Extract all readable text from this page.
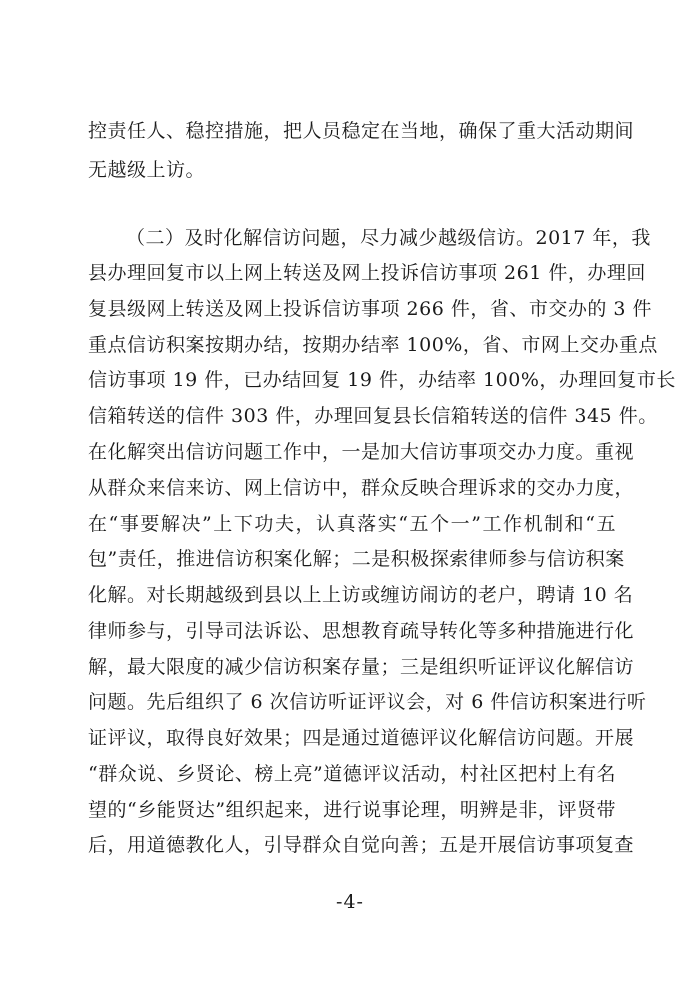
控责任人、稳控措施，把人员稳定在当地，确保了重大活动期间
无越级上访。
（二）及时化解信访问题，尽力减少越级信访。2017 年，我
县办理回复市以上网上转送及网上投诉信访事项 261 件，办理回
复县级网上转送及网上投诉信访事项 266 件，省、市交办的 3 件
重点信访积案按期办结，按期办结率 100%，省、市网上交办重点
信访事项 19 件，已办结回复 19 件，办结率 100%，办理回复市长
信箱转送的信件 303 件，办理回复县长信箱转送的信件 345 件。
在化解突出信访问题工作中，一是加大信访事项交办力度。重视
从群众来信来访、网上信访中，群众反映合理诉求的交办力度，
在“事要解决”上下功夫，认真落实“五个一”工作机制和“五
包”责任，推进信访积案化解；二是积极探索律师参与信访积案
化解。对长期越级到县以上上访或缠访闹访的老户，聘请 10 名
律师参与，引导司法诉讼、思想教育疏导转化等多种措施进行化
解，最大限度的减少信访积案存量；三是组织听证评议化解信访
问题。先后组织了 6 次信访听证评议会，对 6 件信访积案进行听
证评议，取得良好效果；四是通过道德评议化解信访问题。开展
“群众说、乡贤论、榜上亮”道德评议活动，村社区把村上有名
望的“乡能贤达”组织起来，进行说事论理，明辨是非，评贤带
后，用道德教化人，引导群众自觉向善；五是开展信访事项复查
-4-
